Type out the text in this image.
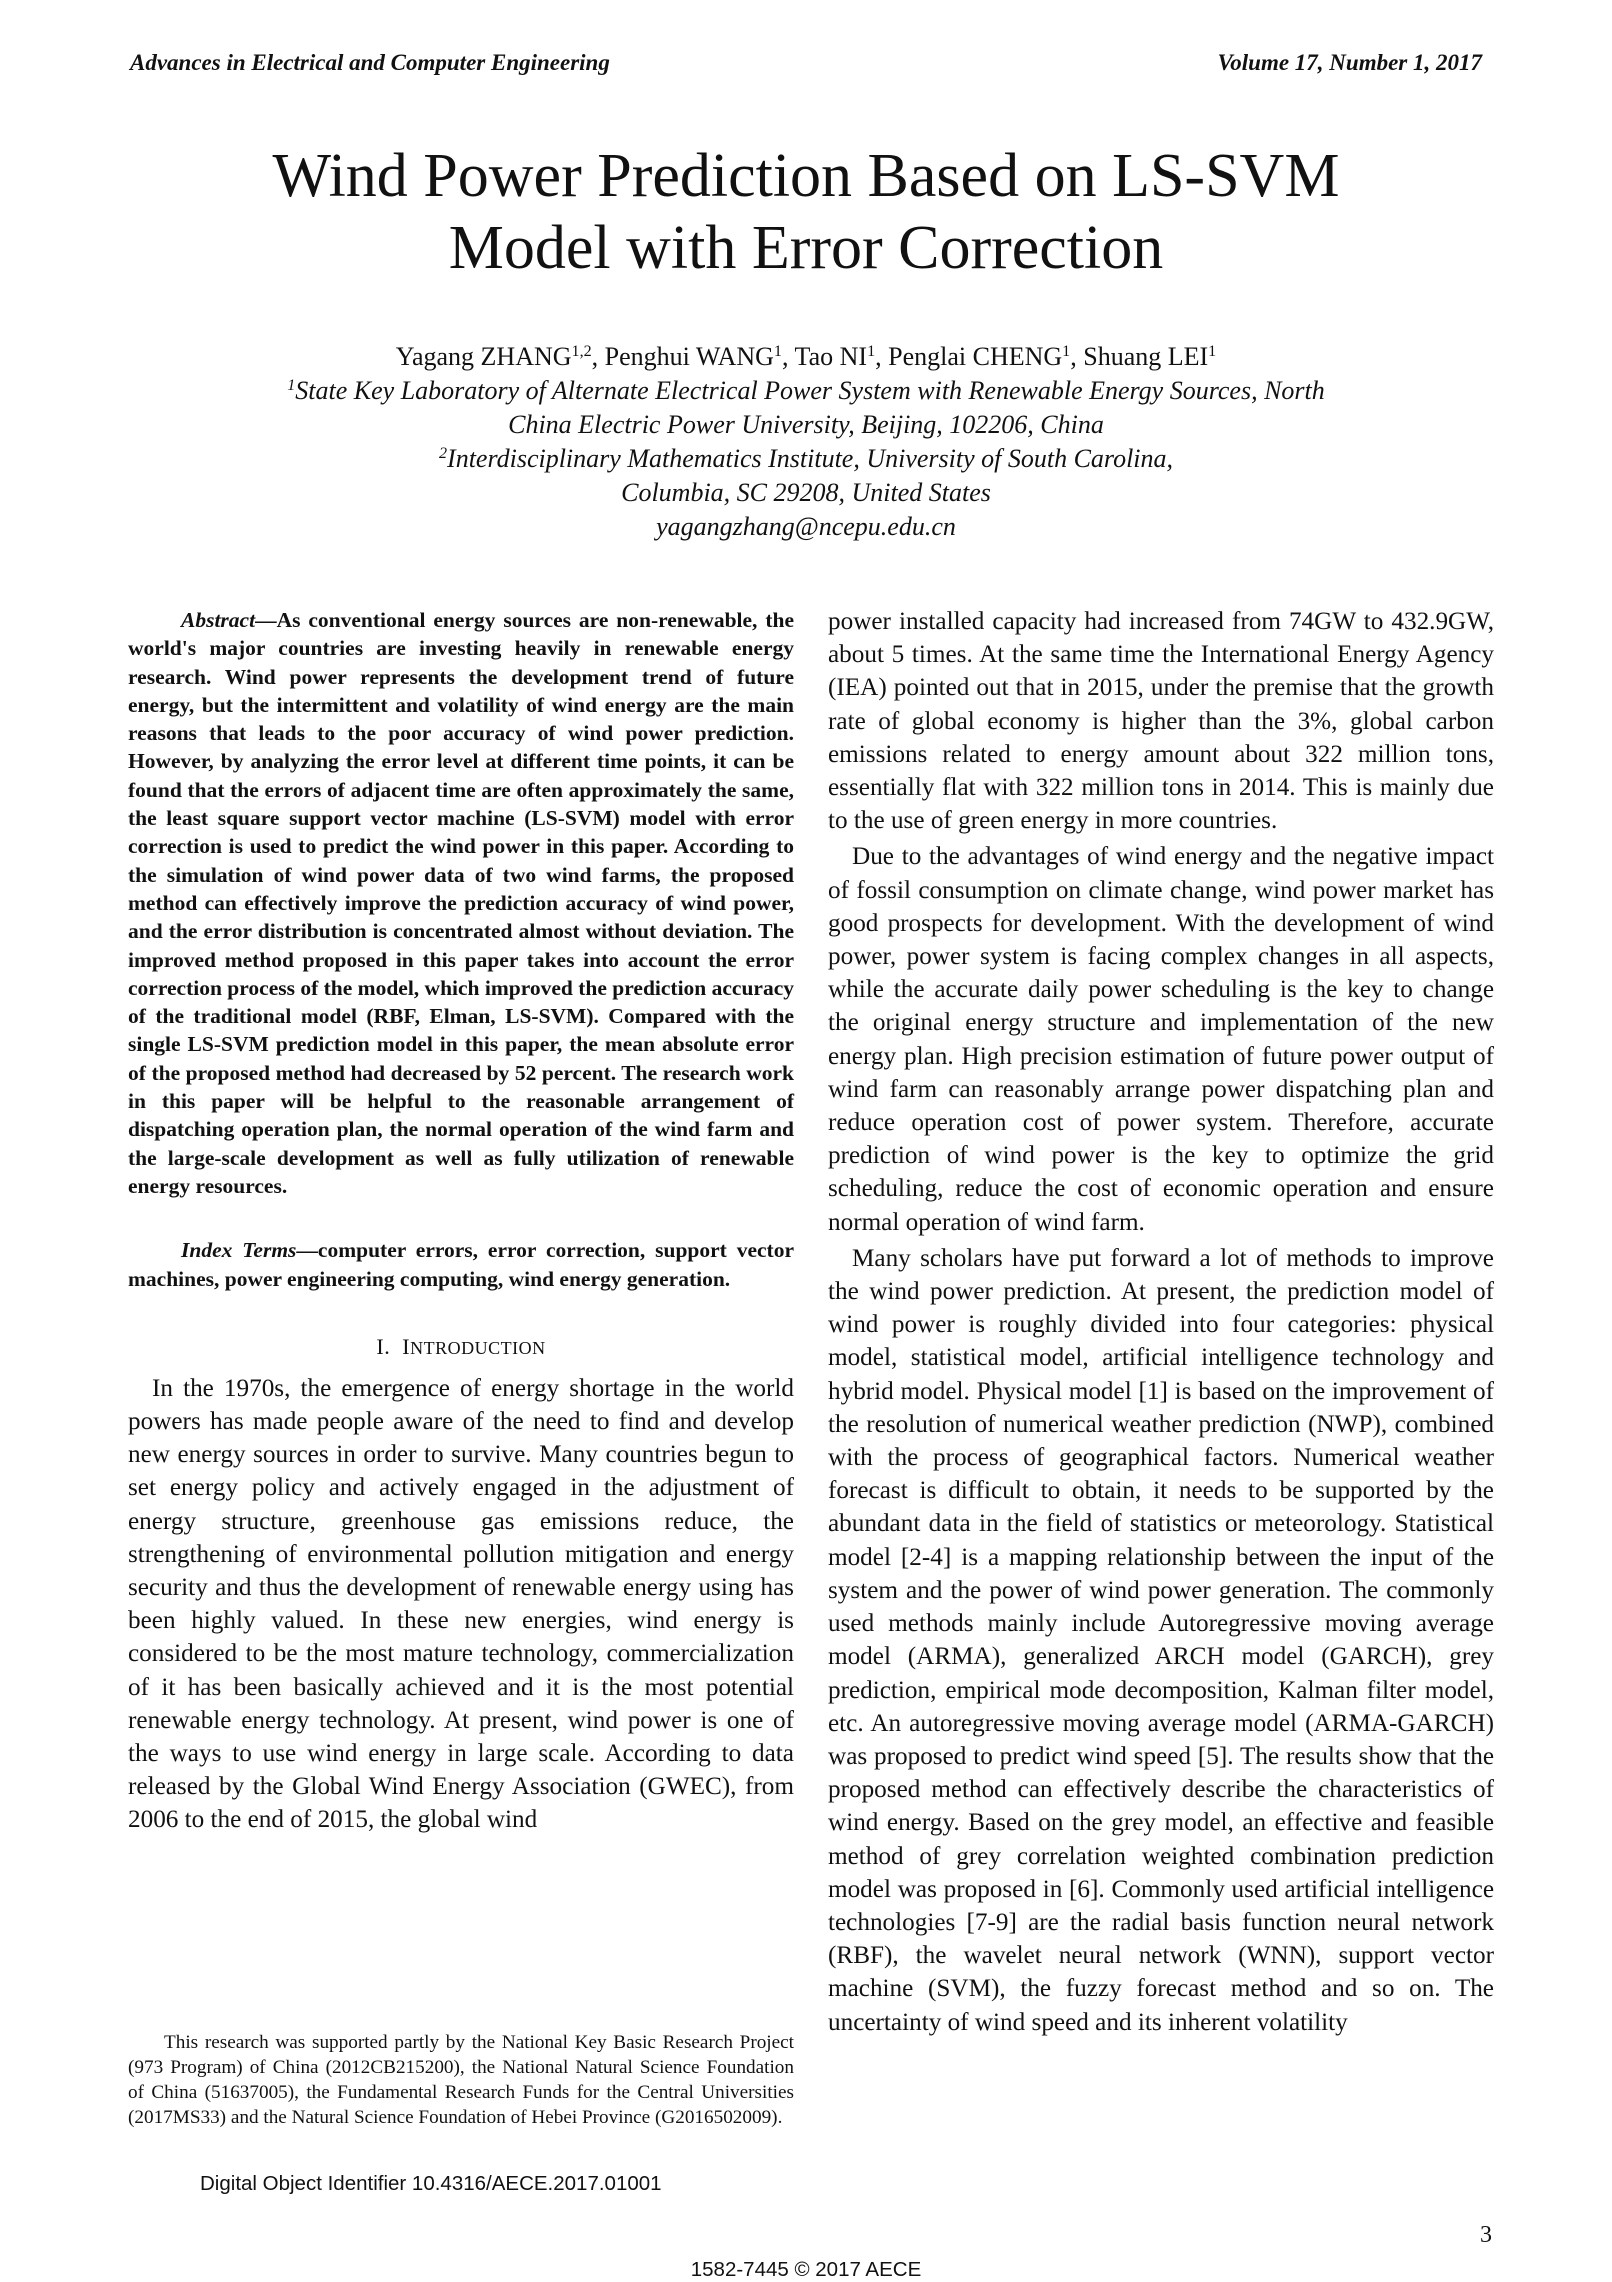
Advances in Electrical and Computer Engineering	Volume 17, Number 1, 2017
Wind Power Prediction Based on LS-SVM
Model with Error Correction
Yagang ZHANG$^{1,2}$, Penghui WANG$^1$, Tao $NI^1$, Penglai CHENG$^1$, Shuang LEI$^1$
$^1$State Key Laboratory of Alternate Electrical Power System with Renewable Energy Sources, North
China Electric Power University, Beijing, 102206, China
$^2$Interdisciplinary Mathematics Institute, University of South Carolina,
Columbia, SC 29208, United States
yagangzhang@ncepu.edu.cn

Abstract—As conventional energy sources are non-renewable, the world's major countries are investing heavily in renewable energy research. Wind power represents the development trend of future energy, but the intermittent and volatility of wind energy are the main reasons that leads to the poor accuracy of wind power prediction. However, by analyzing the error level at different time points, it can be found that the errors of adjacent time are often approximately the same, the least square support vector machine (LS-SVM) model with error correction is used to predict the wind power in this paper. According to the simulation of wind power data of two wind farms, the proposed method can effectively improve the prediction accuracy of wind power, and the error distribution is concentrated almost without deviation. The improved method proposed in this paper takes into account the error correction process of the model, which improved the prediction accuracy of the traditional model (RBF, Elman, LS-SVM). Compared with the single LS-SVM prediction model in this paper, the mean absolute error of the proposed method had decreased by 52 percent. The research work in this paper will be helpful to the reasonable arrangement of dispatching operation plan, the normal operation of the wind farm and the large-scale development as well as fully utilization of renewable energy resources.

Index Terms—computer errors, error correction, support vector machines, power engineering computing, wind energy generation.

I. INTRODUCTION

In the 1970s, the emergence of energy shortage in the world powers has made people aware of the need to find and develop new energy sources in order to survive. Many countries begun to set energy policy and actively engaged in the adjustment of energy structure, greenhouse gas emissions reduce, the strengthening of environmental pollution mitigation and energy security and thus the development of renewable energy using has been highly valued. In these new energies, wind energy is considered to be the most mature technology, commercialization of it has been basically achieved and it is the most potential renewable energy technology. At present, wind power is one of the ways to use wind energy in large scale. According to data released by the Global Wind Energy Association (GWEC), from 2006 to the end of 2015, the global wind

power installed capacity had increased from 74GW to 432.9GW, about 5 times. At the same time the International Energy Agency (IEA) pointed out that in 2015, under the premise that the growth rate of global economy is higher than the 3%, global carbon emissions related to energy amount about 322 million tons, essentially flat with 322 million tons in 2014. This is mainly due to the use of green energy in more countries.

Due to the advantages of wind energy and the negative impact of fossil consumption on climate change, wind power market has good prospects for development. With the development of wind power, power system is facing complex changes in all aspects, while the accurate daily power scheduling is the key to change the original energy structure and implementation of the new energy plan. High precision estimation of future power output of wind farm can reasonably arrange power dispatching plan and reduce operation cost of power system. Therefore, accurate prediction of wind power is the key to optimize the grid scheduling, reduce the cost of economic operation and ensure normal operation of wind farm.

Many scholars have put forward a lot of methods to improve the wind power prediction. At present, the prediction model of wind power is roughly divided into four categories: physical model, statistical model, artificial intelligence technology and hybrid model. Physical model [1] is based on the improvement of the resolution of numerical weather prediction (NWP), combined with the process of geographical factors. Numerical weather forecast is difficult to obtain, it needs to be supported by the abundant data in the field of statistics or meteorology. Statistical model [2-4] is a mapping relationship between the input of the system and the power of wind power generation. The commonly used methods mainly include Autoregressive moving average model (ARMA), generalized ARCH model (GARCH), grey prediction, empirical mode decomposition, Kalman filter model, etc. An autoregressive moving average model (ARMA-GARCH) was proposed to predict wind speed [5]. The results show that the proposed method can effectively describe the characteristics of wind energy. Based on the grey model, an effective and feasible method of grey correlation weighted combination prediction model was proposed in [6]. Commonly used artificial intelligence technologies [7-9] are the radial basis function neural network (RBF), the wavelet neural network (WNN), support vector machine (SVM), the fuzzy forecast method and so on. The uncertainty of wind speed and its inherent volatility

This research was supported partly by the National Key Basic Research Project (973 Program) of China (2012CB215200), the National Natural Science Foundation of China (51637005), the Fundamental Research Funds for the Central Universities (2017MS33) and the Natural Science Foundation of Hebei Province (G2016502009).

Digital Object Identifier 10.4316/AECE.2017.01001
3
1582-7445 © 2017 AECE
